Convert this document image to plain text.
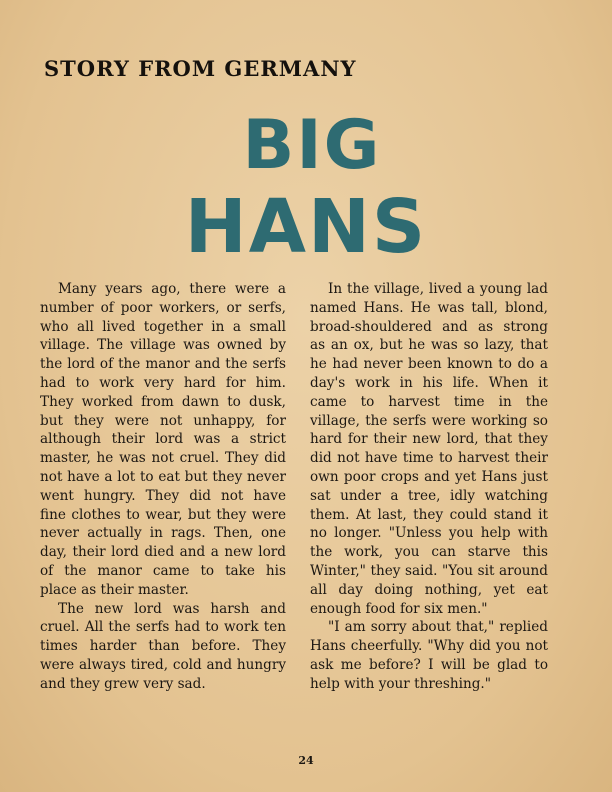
STORY FROM GERMANY
BIG
HANS

Many years ago, there were a number of poor workers, or serfs, who all lived together in a small village. The village was owned by the lord of the manor and the serfs had to work very hard for him. They worked from dawn to dusk, but they were not unhappy, for although their lord was a strict master, he was not cruel. They did not have a lot to eat but they never went hungry. They did not have fine clothes to wear, but they were never actually in rags. Then, one day, their lord died and a new lord of the manor came to take his place as their master.

The new lord was harsh and cruel. All the serfs had to work ten times harder than before. They were always tired, cold and hungry and they grew very sad.

In the village, lived a young lad named Hans. He was tall, blond, broad-shouldered and as strong as an ox, but he was so lazy, that he had never been known to do a day's work in his life. When it came to harvest time in the village, the serfs were working so hard for their new lord, that they did not have time to harvest their own poor crops and yet Hans just sat under a tree, idly watching them. At last, they could stand it no longer. "Unless you help with the work, you can starve this Winter," they said. "You sit around all day doing nothing, yet eat enough food for six men."

"I am sorry about that," replied Hans cheerfully. "Why did you not ask me before? I will be glad to help with your threshing."

24
